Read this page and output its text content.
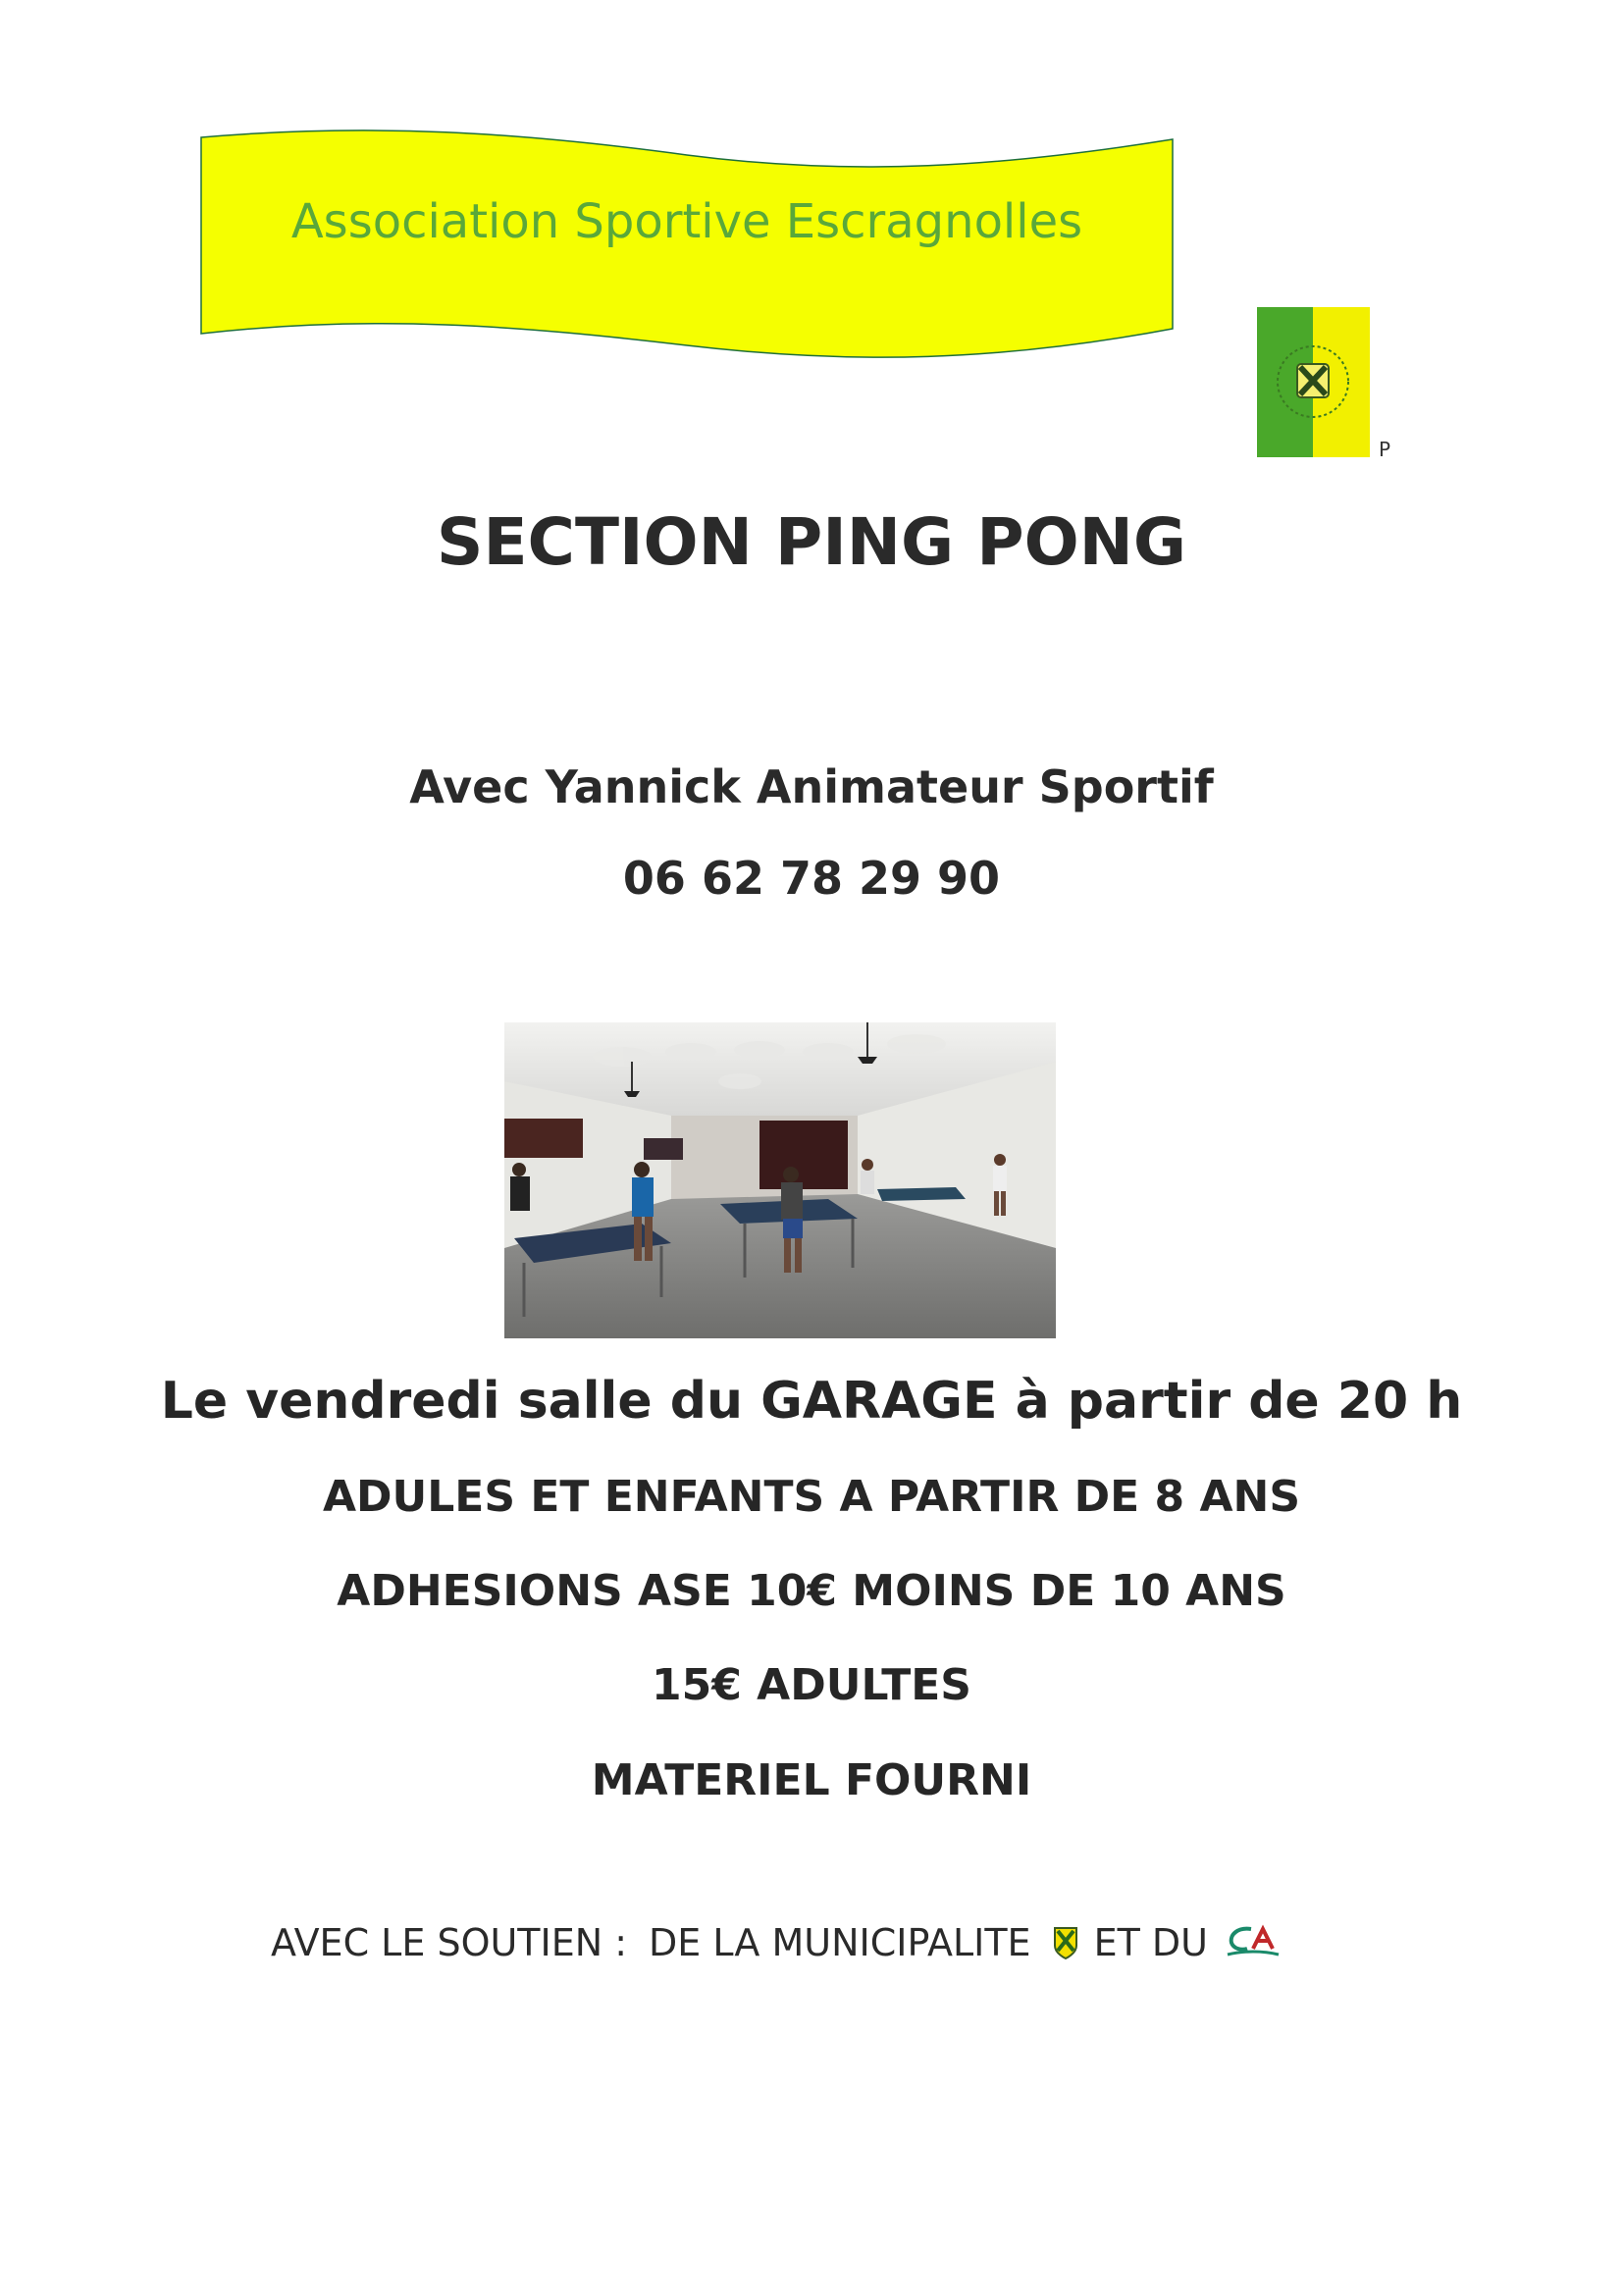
Association Sportive Escragnolles
P
SECTION PING PONG
Avec Yannick Animateur Sportif
06 62 78 29 90
Le vendredi salle du GARAGE à partir de 20 h
ADULES ET ENFANTS A PARTIR DE 8 ANS
ADHESIONS ASE 10€ MOINS DE 10 ANS
15€ ADULTES
MATERIEL FOURNI
AVEC LE SOUTIEN : DE LA MUNICIPALITE ET DU
